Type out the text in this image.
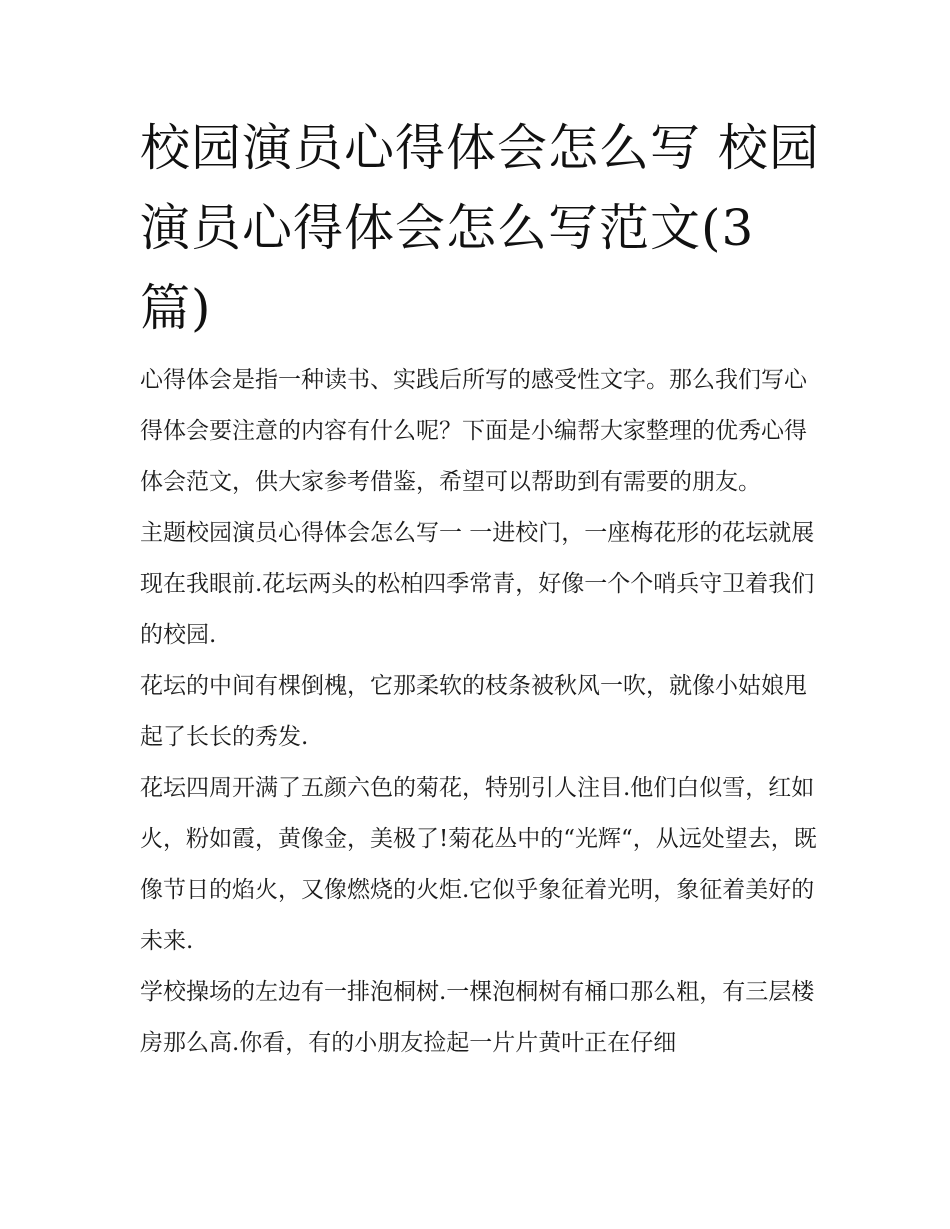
校园演员心得体会怎么写 校园演员心得体会怎么写范文(3篇)

心得体会是指一种读书、实践后所写的感受性文字。那么我们写心得体会要注意的内容有什么呢？下面是小编帮大家整理的优秀心得体会范文，供大家参考借鉴，希望可以帮助到有需要的朋友。

主题校园演员心得体会怎么写一 一进校门，一座梅花形的花坛就展现在我眼前.花坛两头的松柏四季常青，好像一个个哨兵守卫着我们的校园.

花坛的中间有棵倒槐，它那柔软的枝条被秋风一吹，就像小姑娘甩起了长长的秀发.

花坛四周开满了五颜六色的菊花，特别引人注目.他们白似雪，红如火，粉如霞，黄像金，美极了!菊花丛中的“光辉“，从远处望去，既像节日的焰火，又像燃烧的火炬.它似乎象征着光明，象征着美好的未来.

学校操场的左边有一排泡桐树.一棵泡桐树有桶口那么粗，有三层楼房那么高.你看，有的小朋友捡起一片片黄叶正在仔细
